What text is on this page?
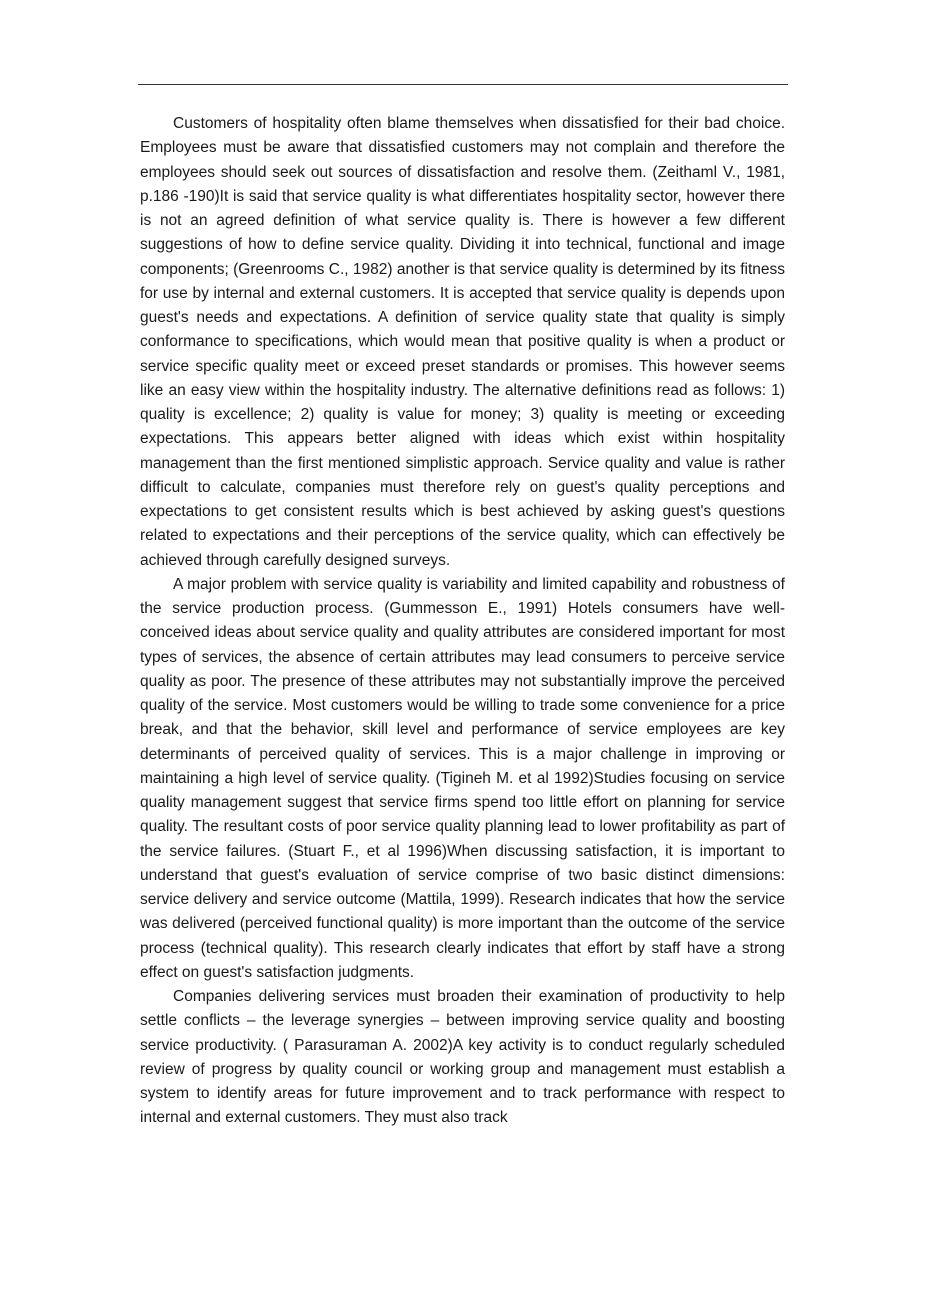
Customers of hospitality often blame themselves when dissatisfied for their bad choice. Employees must be aware that dissatisfied customers may not complain and therefore the employees should seek out sources of dissatisfaction and resolve them. (Zeithaml V., 1981, p.186 -190)It is said that service quality is what differentiates hospitality sector, however there is not an agreed definition of what service quality is. There is however a few different suggestions of how to define service quality. Dividing it into technical, functional and image components; (Greenrooms C., 1982) another is that service quality is determined by its fitness for use by internal and external customers. It is accepted that service quality is depends upon guest's needs and expectations. A definition of service quality state that quality is simply conformance to specifications, which would mean that positive quality is when a product or service specific quality meet or exceed preset standards or promises. This however seems like an easy view within the hospitality industry. The alternative definitions read as follows: 1) quality is excellence; 2) quality is value for money; 3) quality is meeting or exceeding expectations. This appears better aligned with ideas which exist within hospitality management than the first mentioned simplistic approach. Service quality and value is rather difficult to calculate, companies must therefore rely on guest's quality perceptions and expectations to get consistent results which is best achieved by asking guest's questions related to expectations and their perceptions of the service quality, which can effectively be achieved through carefully designed surveys.

A major problem with service quality is variability and limited capability and robustness of the service production process. (Gummesson E., 1991) Hotels consumers have well-conceived ideas about service quality and quality attributes are considered important for most types of services, the absence of certain attributes may lead consumers to perceive service quality as poor. The presence of these attributes may not substantially improve the perceived quality of the service. Most customers would be willing to trade some convenience for a price break, and that the behavior, skill level and performance of service employees are key determinants of perceived quality of services. This is a major challenge in improving or maintaining a high level of service quality. (Tigineh M. et al 1992)Studies focusing on service quality management suggest that service firms spend too little effort on planning for service quality. The resultant costs of poor service quality planning lead to lower profitability as part of the service failures. (Stuart F., et al 1996)When discussing satisfaction, it is important to understand that guest's evaluation of service comprise of two basic distinct dimensions: service delivery and service outcome (Mattila, 1999). Research indicates that how the service was delivered (perceived functional quality) is more important than the outcome of the service process (technical quality). This research clearly indicates that effort by staff have a strong effect on guest's satisfaction judgments.

Companies delivering services must broaden their examination of productivity to help settle conflicts – the leverage synergies – between improving service quality and boosting service productivity. ( Parasuraman A. 2002)A key activity is to conduct regularly scheduled review of progress by quality council or working group and management must establish a system to identify areas for future improvement and to track performance with respect to internal and external customers. They must also track
